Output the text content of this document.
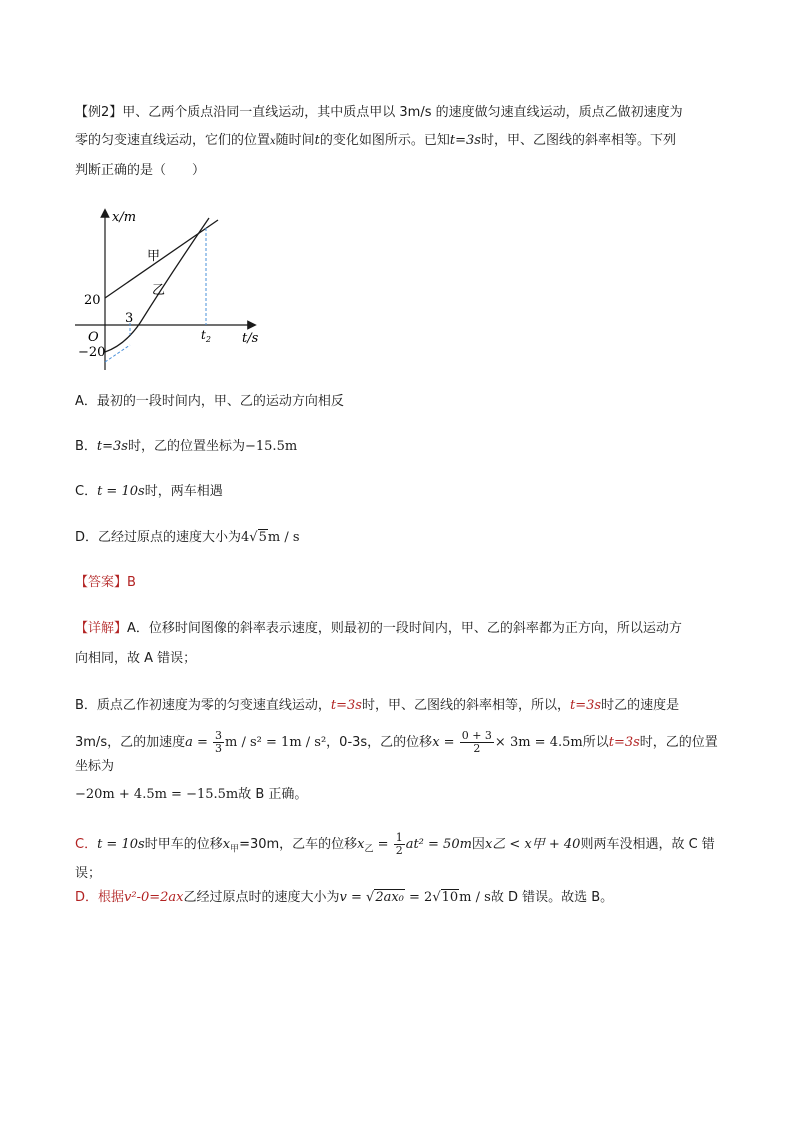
【例2】甲、乙两个质点沿同一直线运动，其中质点甲以 3m/s 的速度做匀速直线运动，质点乙做初速度为
零的匀变速直线运动，它们的位置x随时间t的变化如图所示。已知t=3s时，甲、乙图线的斜率相等。下列
判断正确的是（　　）
x/m
t/s
O
20
−20
3
$t_2$
甲
乙
A．最初的一段时间内，甲、乙的运动方向相反
B．t=3s时，乙的位置坐标为−15.5m
C．t = 10s时，两车相遇
D．乙经过原点的速度大小为4√5m / s
【答案】B
【详解】A．位移时间图像的斜率表示速度，则最初的一段时间内，甲、乙的斜率都为正方向，所以运动方
向相同，故 A 错误；
B．质点乙作初速度为零的匀变速直线运动，t=3s时，甲、乙图线的斜率相等，所以，t=3s时乙的速度是
3m/s，乙的加速度$a = \frac{3}{3}$ m / s² = 1m / s²，0-3s，乙的位移$x = \frac{0 + 3}{2} \times 3m = 4.5m$所以t=3s时，乙的位置坐标为
−20m + 4.5m = −15.5m故 B 正确。
C．t = 10s时甲车的位移$x_甲=30m$，乙车的位移$x_乙 = \frac{1}{2} at^2 = 50m$因x乙 < x甲 + 40则两车没相遇，故 C 错误；
D．根据v²-0=2ax乙经过原点时的速度大小为v = √2ax₀ = 2√10m / s故 D 错误。故选 B。
